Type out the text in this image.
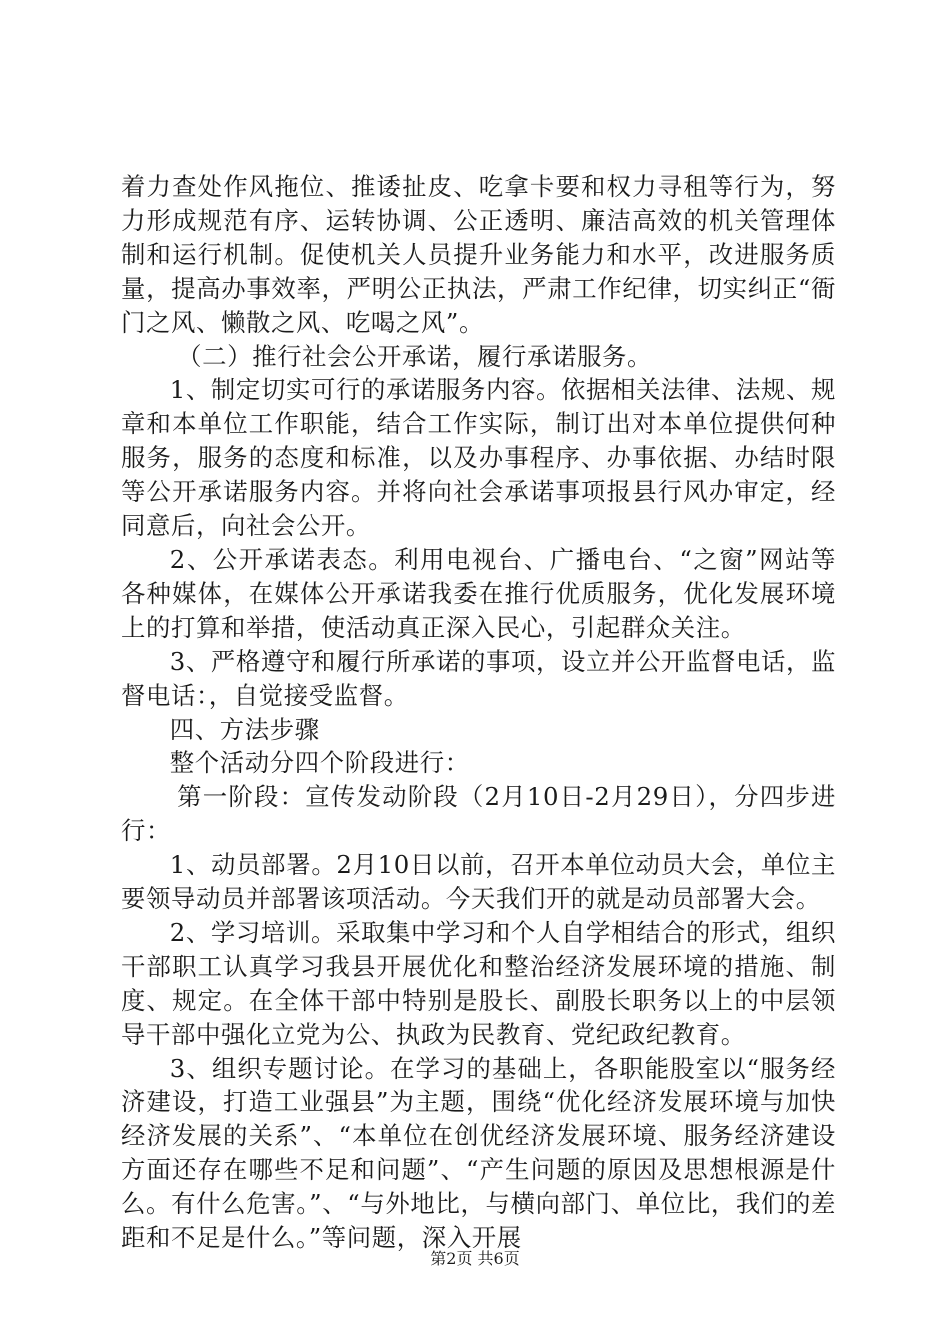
着力查处作风拖位、推诿扯皮、吃拿卡要和权力寻租等行为，努力形成规范有序、运转协调、公正透明、廉洁高效的机关管理体制和运行机制。促使机关人员提升业务能力和水平，改进服务质量，提高办事效率，严明公正执法，严肃工作纪律，切实纠正“衙门之风、懒散之风、吃喝之风”。

（二）推行社会公开承诺，履行承诺服务。

1、制定切实可行的承诺服务内容。依据相关法律、法规、规章和本单位工作职能，结合工作实际，制订出对本单位提供何种服务，服务的态度和标准，以及办事程序、办事依据、办结时限等公开承诺服务内容。并将向社会承诺事项报县行风办审定，经同意后，向社会公开。

2、公开承诺表态。利用电视台、广播电台、“之窗”网站等各种媒体，在媒体公开承诺我委在推行优质服务，优化发展环境上的打算和举措，使活动真正深入民心，引起群众关注。

3、严格遵守和履行所承诺的事项，设立并公开监督电话，监督电话：，自觉接受监督。

四、方法步骤

整个活动分四个阶段进行：

第一阶段：宣传发动阶段（2月10日-2月29日），分四步进行：

1、动员部署。2月10日以前，召开本单位动员大会，单位主要领导动员并部署该项活动。今天我们开的就是动员部署大会。

2、学习培训。采取集中学习和个人自学相结合的形式，组织干部职工认真学习我县开展优化和整治经济发展环境的措施、制度、规定。在全体干部中特别是股长、副股长职务以上的中层领导干部中强化立党为公、执政为民教育、党纪政纪教育。

3、组织专题讨论。在学习的基础上，各职能股室以“服务经济建设，打造工业强县”为主题，围绕“优化经济发展环境与加快经济发展的关系”、“本单位在创优经济发展环境、服务经济建设方面还存在哪些不足和问题”、“产生问题的原因及思想根源是什么。有什么危害。”、“与外地比，与横向部门、单位比，我们的差距和不足是什么。”等问题，深入开展

第2页 共6页
